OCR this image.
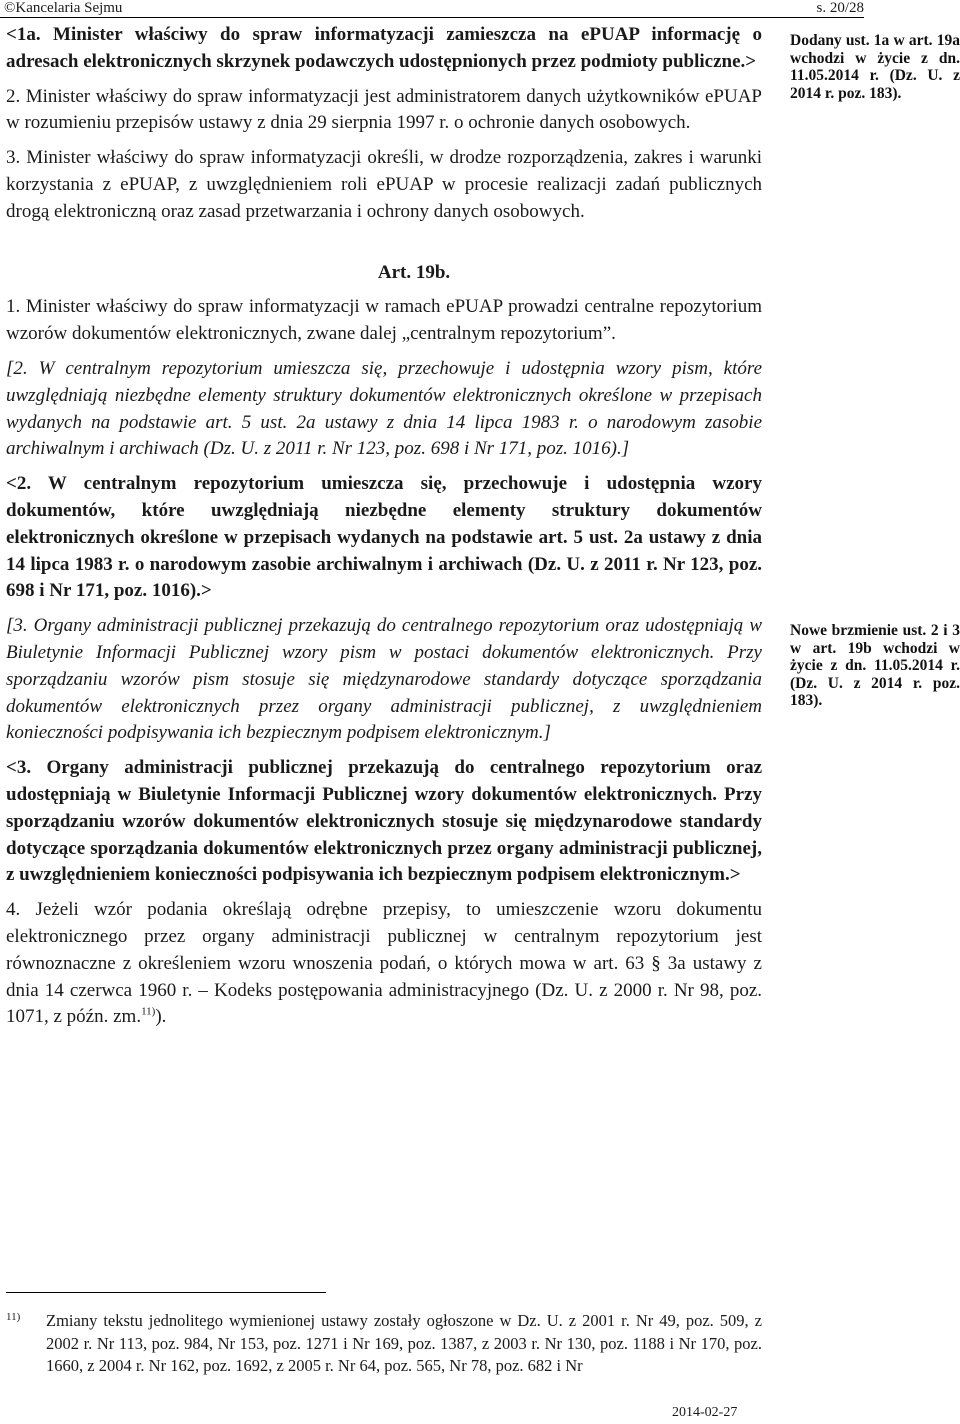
©Kancelaria Sejmu	s. 20/28

<1a. Minister właściwy do spraw informatyzacji zamieszcza na ePUAP informację o adresach elektronicznych skrzynek podawczych udostępnionych przez podmioty publiczne.>

2. Minister właściwy do spraw informatyzacji jest administratorem danych użytkowników ePUAP w rozumieniu przepisów ustawy z dnia 29 sierpnia 1997 r. o ochronie danych osobowych.

3. Minister właściwy do spraw informatyzacji określi, w drodze rozporządzenia, zakres i warunki korzystania z ePUAP, z uwzględnieniem roli ePUAP w procesie realizacji zadań publicznych drogą elektroniczną oraz zasad przetwarzania i ochrony danych osobowych.

Art. 19b.

1. Minister właściwy do spraw informatyzacji w ramach ePUAP prowadzi centralne repozytorium wzorów dokumentów elektronicznych, zwane dalej „centralnym repozytorium”.

[2. W centralnym repozytorium umieszcza się, przechowuje i udostępnia wzory pism, które uwzględniają niezbędne elementy struktury dokumentów elektronicznych określone w przepisach wydanych na podstawie art. 5 ust. 2a ustawy z dnia 14 lipca 1983 r. o narodowym zasobie archiwalnym i archiwach (Dz. U. z 2011 r. Nr 123, poz. 698 i Nr 171, poz. 1016).]

<2. W centralnym repozytorium umieszcza się, przechowuje i udostępnia wzory dokumentów, które uwzględniają niezbędne elementy struktury dokumentów elektronicznych określone w przepisach wydanych na podstawie art. 5 ust. 2a ustawy z dnia 14 lipca 1983 r. o narodowym zasobie archiwalnym i archiwach (Dz. U. z 2011 r. Nr 123, poz. 698 i Nr 171, poz. 1016).>

[3. Organy administracji publicznej przekazują do centralnego repozytorium oraz udostępniają w Biuletynie Informacji Publicznej wzory pism w postaci dokumentów elektronicznych. Przy sporządzaniu wzorów pism stosuje się międzynarodowe standardy dotyczące sporządzania dokumentów elektronicznych przez organy administracji publicznej, z uwzględnieniem konieczności podpisywania ich bezpiecznym podpisem elektronicznym.]

<3. Organy administracji publicznej przekazują do centralnego repozytorium oraz udostępniają w Biuletynie Informacji Publicznej wzory dokumentów elektronicznych. Przy sporządzaniu wzorów dokumentów elektronicznych stosuje się międzynarodowe standardy dotyczące sporządzania dokumentów elektronicznych przez organy administracji publicznej, z uwzględnieniem konieczności podpisywania ich bezpiecznym podpisem elektronicznym.>

4. Jeżeli wzór podania określają odrębne przepisy, to umieszczenie wzoru dokumentu elektronicznego przez organy administracji publicznej w centralnym repozytorium jest równoznaczne z określeniem wzoru wnoszenia podań, o których mowa w art. 63 § 3a ustawy z dnia 14 czerwca 1960 r. – Kodeks postępowania administracyjnego (Dz. U. z 2000 r. Nr 98, poz. 1071, z późn. zm.$^{11)}$).

Dodany ust. 1a w art. 19a wchodzi w życie z dn. 11.05.2014 r. (Dz. U. z 2014 r. poz. 183).
Nowe brzmienie ust. 2 i 3 w art. 19b wchodzi w życie z dn. 11.05.2014 r. (Dz. U. z 2014 r. poz. 183).
11) Zmiany tekstu jednolitego wymienionej ustawy zostały ogłoszone w Dz. U. z 2001 r. Nr 49, poz. 509, z 2002 r. Nr 113, poz. 984, Nr 153, poz. 1271 i Nr 169, poz. 1387, z 2003 r. Nr 130, poz. 1188 i Nr 170, poz. 1660, z 2004 r. Nr 162, poz. 1692, z 2005 r. Nr 64, poz. 565, Nr 78, poz. 682 i Nr
2014-02-27
